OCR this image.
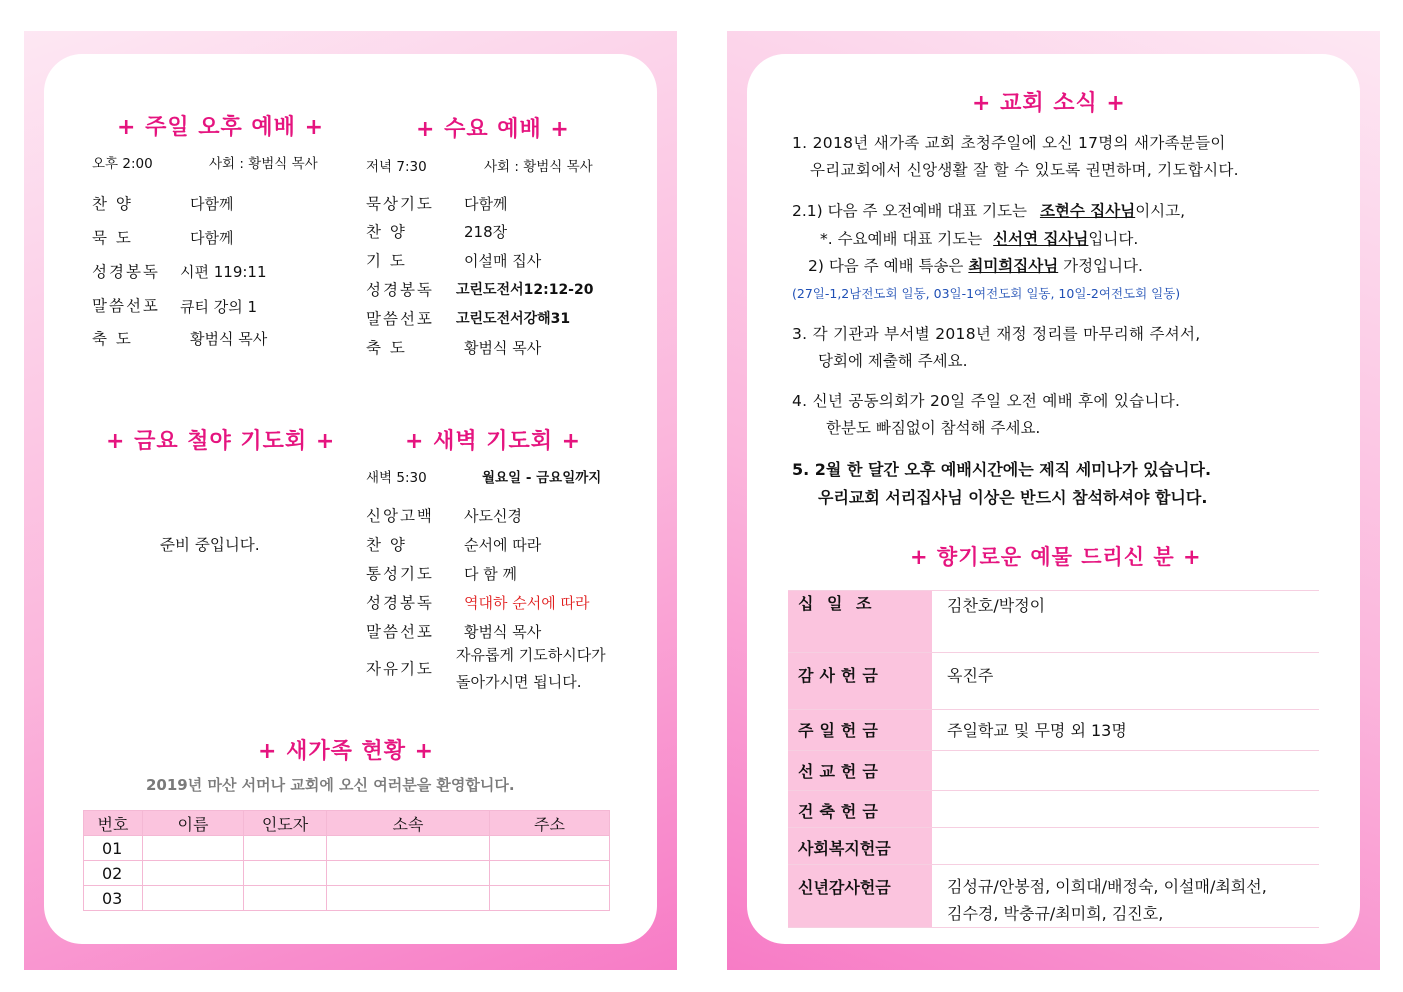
+ 주일 오후 예배 +
오후 2:00	사회 : 황범식 목사
찬 양	다함께
묵 도	다함께
성경봉독 시편 119:11
말씀선포 큐티 강의 1
축 도	황범식 목사
+ 수요 예배 +
저녁 7:30	사회 : 황범식 목사
묵상기도 다함께
찬 양	218장
기 도	이설매 집사
성경봉독 고린도전서12:12-20
말씀선포 고린도전서강해31
축 도	황범식 목사
+ 금요 철야 기도회 +
준비 중입니다.
+ 새벽 기도회 +
새벽 5:30	월요일 - 금요일까지
신앙고백 사도신경
찬 양	순서에 따라
통성기도 다 함 께
성경봉독 역대하 순서에 따라
말씀선포 황범식 목사
자유기도
자유롭게 기도하시다가
돌아가시면 됩니다.
+ 새가족 현황 +
2019년 마산 서머나 교회에 오신 여러분을 환영합니다.
번호	이름	인도자	소속	주소
01				
02				
03				
+ 교회 소식 +
1. 2018년 새가족 교회 초청주일에 오신 17명의 새가족분들이
우리교회에서 신앙생활 잘 할 수 있도록 권면하며, 기도합시다.
2.1) 다음 주 오전예배 대표 기도는 조현수 집사님이시고,
*. 수요예배 대표 기도는 신서연 집사님입니다.
2) 다음 주 예배 특송은 최미희집사님 가정입니다.
(27일-1,2남전도회 일동, 03일-1여전도회 일동, 10일-2여전도회 일동)
3. 각 기관과 부서별 2018년 재정 정리를 마무리해 주셔서,
당회에 제출해 주세요.
4. 신년 공동의회가 20일 주일 오전 예배 후에 있습니다.
한분도 빠짐없이 참석해 주세요.
5. 2월 한 달간 오후 예배시간에는 제직 세미나가 있습니다.
우리교회 서리집사님 이상은 반드시 참석하셔야 합니다.
+ 향기로운 예물 드리신 분 +
십 일 조	김찬호/박정이
감사헌금	옥진주
주일헌금	주일학교 및 무명 외 13명
선교헌금	
건축헌금	
사회복지헌금	
신년감사헌금	김성규/안봉점, 이희대/배정숙, 이설매/최희선,
김수경, 박충규/최미희, 김진호,
